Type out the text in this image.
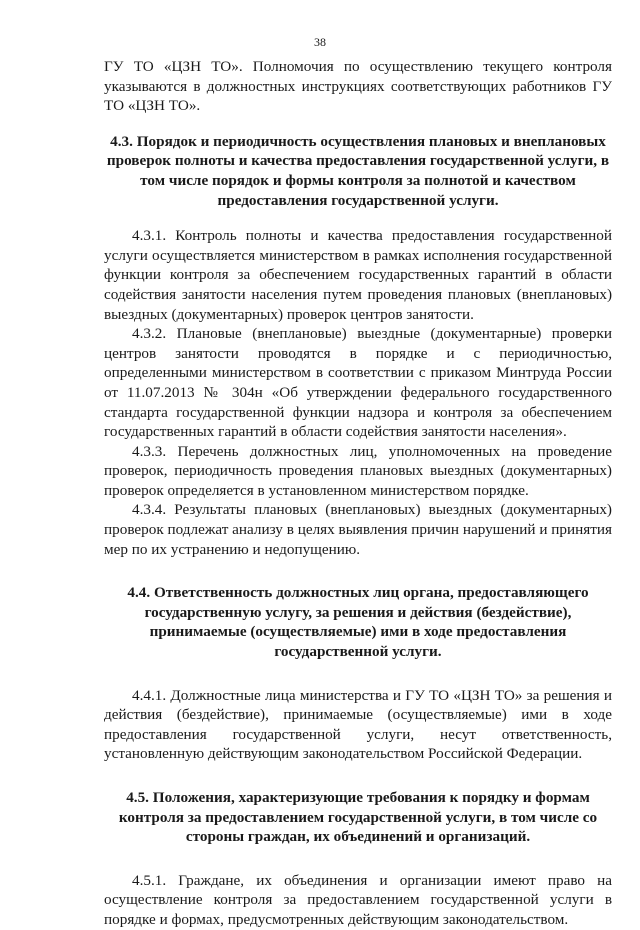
38

ГУ ТО «ЦЗН ТО». Полномочия по осуществлению текущего контроля указываются в должностных инструкциях соответствующих работников ГУ ТО «ЦЗН ТО».

4.3. Порядок и периодичность осуществления плановых и внеплановых проверок полноты и качества предоставления государственной услуги, в том числе порядок и формы контроля за полнотой и качеством предоставления государственной услуги.

4.3.1. Контроль полноты и качества предоставления государственной услуги осуществляется министерством в рамках исполнения государственной функции контроля за обеспечением государственных гарантий в области содействия занятости населения путем проведения плановых (внеплановых) выездных (документарных) проверок центров занятости.

4.3.2. Плановые (внеплановые) выездные (документарные) проверки центров занятости проводятся в порядке и с периодичностью, определенными министерством в соответствии с приказом Минтруда России от 11.07.2013 № 304н «Об утверждении федерального государственного стандарта государственной функции надзора и контроля за обеспечением государственных гарантий в области содействия занятости населения».

4.3.3. Перечень должностных лиц, уполномоченных на проведение проверок, периодичность проведения плановых выездных (документарных) проверок определяется в установленном министерством порядке.

4.3.4. Результаты плановых (внеплановых) выездных (документарных) проверок подлежат анализу в целях выявления причин нарушений и принятия мер по их устранению и недопущению.

4.4. Ответственность должностных лиц органа, предоставляющего государственную услугу, за решения и действия (бездействие), принимаемые (осуществляемые) ими в ходе предоставления государственной услуги.

4.4.1. Должностные лица министерства и ГУ ТО «ЦЗН ТО» за решения и действия (бездействие), принимаемые (осуществляемые) ими в ходе предоставления государственной услуги, несут ответственность, установленную действующим законодательством Российской Федерации.

4.5. Положения, характеризующие требования к порядку и формам контроля за предоставлением государственной услуги, в том числе со стороны граждан, их объединений и организаций.

4.5.1. Граждане, их объединения и организации имеют право на осуществление контроля за предоставлением государственной услуги в порядке и формах, предусмотренных действующим законодательством.
